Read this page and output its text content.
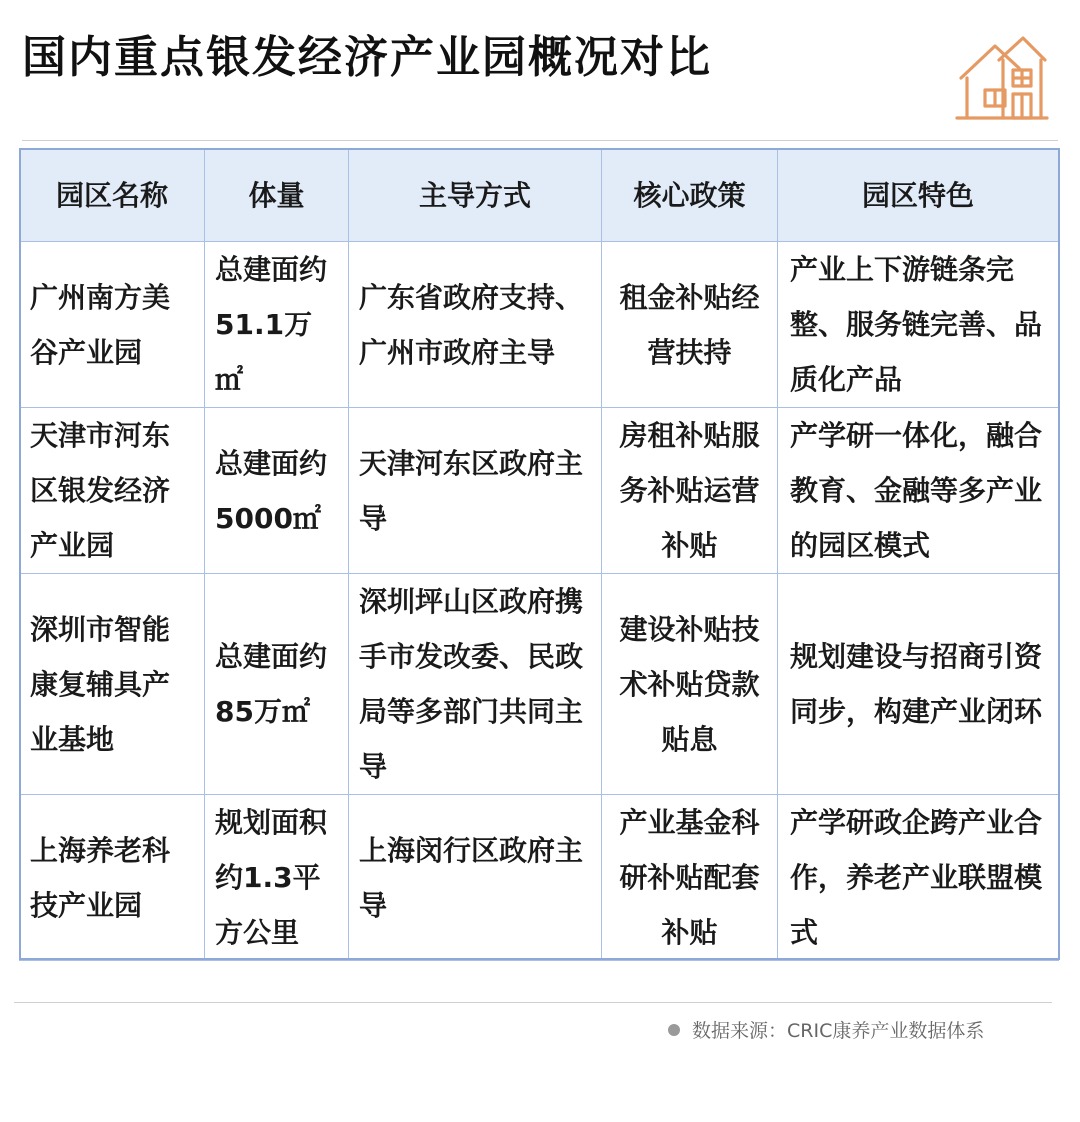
国内重点银发经济产业园概况对比
园区名称	体量	主导方式	核心政策	园区特色
广州南方美谷产业园	总建面约51.1万㎡	广东省政府支持、广州市政府主导	租金补贴经营扶持	产业上下游链条完整、服务链完善、品质化产品
天津市河东区银发经济产业园	总建面约5000㎡	天津河东区政府主导	房租补贴服务补贴运营补贴	产学研一体化，融合教育、金融等多产业的园区模式
深圳市智能康复辅具产业基地	总建面约85万㎡	深圳坪山区政府携手市发改委、民政局等多部门共同主导	建设补贴技术补贴贷款贴息	规划建设与招商引资同步，构建产业闭环
上海养老科技产业园	规划面积约1.3平方公里	上海闵行区政府主导	产业基金科研补贴配套补贴	产学研政企跨产业合作，养老产业联盟模式
数据来源：CRIC康养产业数据体系
